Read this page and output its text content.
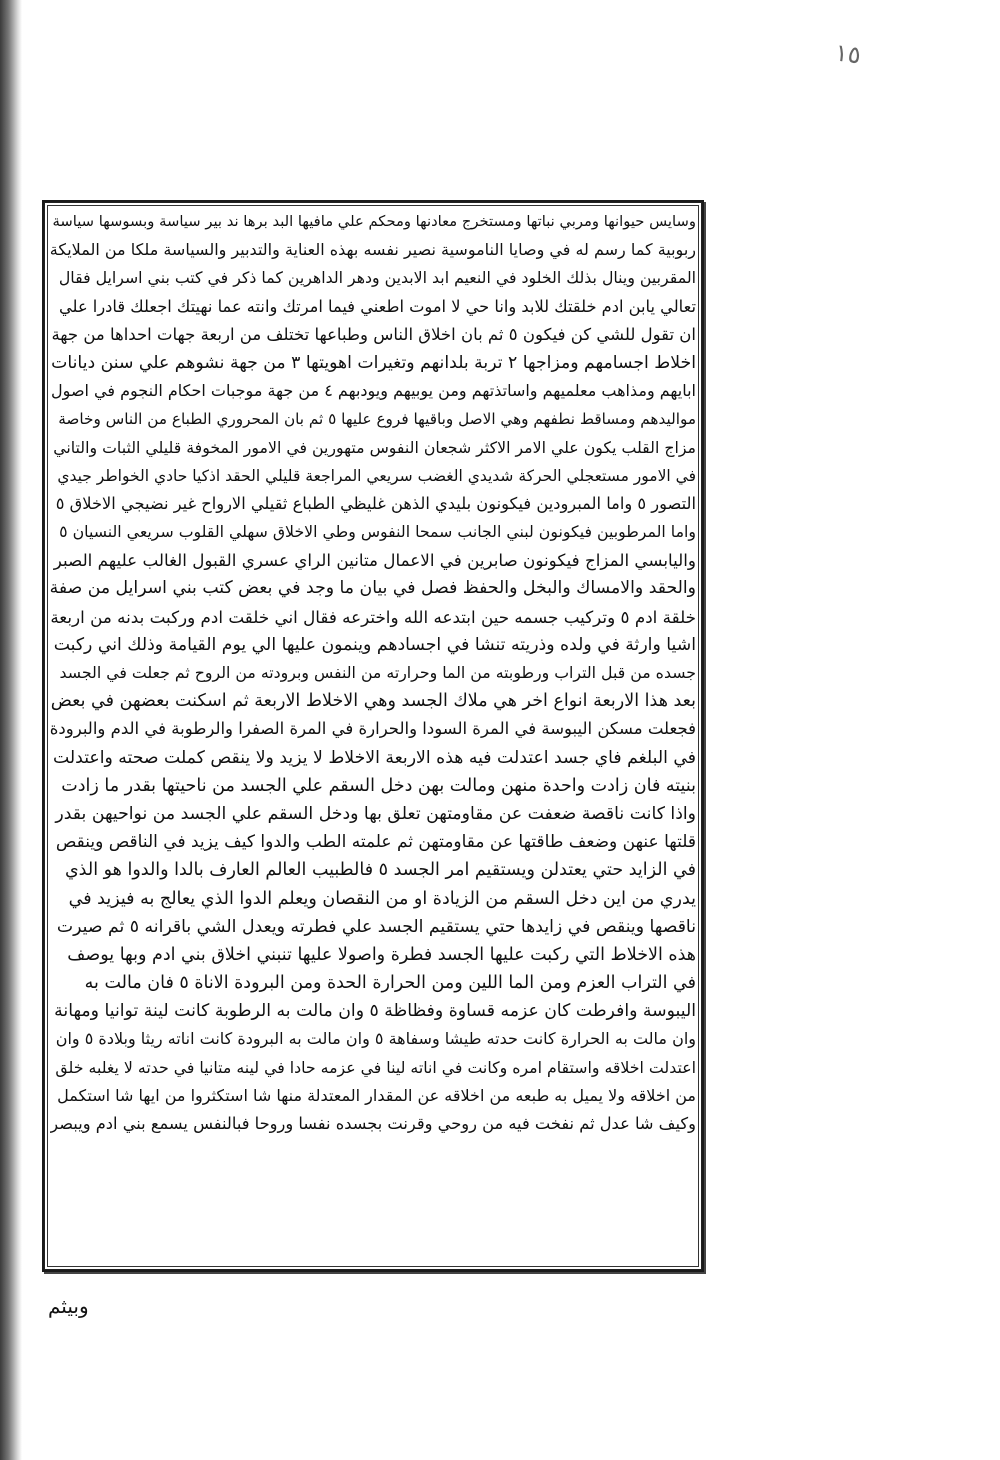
١٥
وسايس حيوانها ومربي نباتها ومستخرج معادنها ومحكم علي مافيها البد برها ند بير سياسة وبسوسها سياسة
ربوبية كما رسم له في وصايا الناموسية نصير نفسه بهذه العناية والتدبير والسياسة ملكا من الملايكة
المقربين وينال بذلك الخلود في النعيم ابد الابدين ودهر الداهرين كما ذكر في كتب بني اسرايل فقال
تعالي يابن ادم خلقتك للابد وانا حي لا اموت اطعني فيما امرتك وانته عما نهيتك اجعلك قادرا علي
ان تقول للشي كن فيكون ٥ ثم بان اخلاق الناس وطباعها تختلف من اربعة جهات احداها من جهة
اخلاط اجسامهم ومزاجها ٢ تربة بلدانهم وتغيرات اهويتها ٣ من جهة نشوهم علي سنن ديانات
ابايهم ومذاهب معلميهم واساتذتهم ومن يوبيهم ويودبهم ٤ من جهة موجبات احكام النجوم في اصول
مواليدهم ومساقط نطفهم وهي الاصل وباقيها فروع عليها ٥ ثم بان المحروري الطباع من الناس وخاصة
مزاج القلب يكون علي الامر الاكثر شجعان النفوس متهورين في الامور المخوفة قليلي الثبات والتاني
في الامور مستعجلي الحركة شديدي الغضب سريعي المراجعة قليلي الحقد اذكيا حادي الخواطر جيدي
التصور ٥ واما المبرودين فيكونون بليدي الذهن غليظي الطباع ثقيلي الارواح غير نضيجي الاخلاق ٥
واما المرطوبين فيكونون لبني الجانب سمحا النفوس وطي الاخلاق سهلي القلوب سريعي النسيان ٥
واليابسي المزاج فيكونون صابرين في الاعمال متانين الراي عسري القبول الغالب عليهم الصبر
والحقد والامساك والبخل والحفظ فصل في بيان ما وجد في بعض كتب بني اسرايل من صفة
خلقة ادم ٥ وتركيب جسمه حين ابتدعه الله واخترعه فقال اني خلقت ادم وركبت بدنه من اربعة
اشيا وارثة في ولده وذريته تنشا في اجسادهم وينمون عليها الي يوم القيامة وذلك اني ركبت
جسده من قبل التراب ورطوبته من الما وحرارته من النفس وبرودته من الروح ثم جعلت في الجسد
بعد هذا الاربعة انواع اخر هي ملاك الجسد وهي الاخلاط الاربعة ثم اسكنت بعضهن في بعض
فجعلت مسكن اليبوسة في المرة السودا والحرارة في المرة الصفرا والرطوبة في الدم والبرودة
في البلغم فاي جسد اعتدلت فيه هذه الاربعة الاخلاط لا يزيد ولا ينقص كملت صحته واعتدلت
بنيته فان زادت واحدة منهن ومالت بهن دخل السقم علي الجسد من ناحيتها بقدر ما زادت
واذا كانت ناقصة ضعفت عن مقاومتهن تعلق بها ودخل السقم علي الجسد من نواحيهن بقدر
قلتها عنهن وضعف طاقتها عن مقاومتهن ثم علمته الطب والدوا كيف يزيد في الناقص وينقص
في الزايد حتي يعتدلن ويستقيم امر الجسد ٥ فالطبيب العالم العارف بالدا والدوا هو الذي
يدري من اين دخل السقم من الزيادة او من النقصان ويعلم الدوا الذي يعالج به فيزيد في
ناقصها وينقص في زايدها حتي يستقيم الجسد علي فطرته ويعدل الشي باقرانه ٥ ثم صيرت
هذه الاخلاط التي ركبت عليها الجسد فطرة واصولا عليها تنبني اخلاق بني ادم وبها يوصف
في التراب العزم ومن الما اللين ومن الحرارة الحدة ومن البرودة الاناة ٥ فان مالت به
اليبوسة وافرطت كان عزمه قساوة وفظاظة ٥ وان مالت به الرطوبة كانت لينة توانيا ومهانة
وان مالت به الحرارة كانت حدته طيشا وسفاهة ٥ وان مالت به البرودة كانت اناته ريثا وبلادة ٥ وان
اعتدلت اخلاقه واستقام امره وكانت في اناته لينا في عزمه حادا في لينه متانيا في حدته لا يغلبه خلق
من اخلاقه ولا يميل به طبعه من اخلاقه عن المقدار المعتدلة منها شا استكثروا من ايها شا استكمل
وكيف شا عدل ثم نفخت فيه من روحي وقرنت بجسده نفسا وروحا فبالنفس يسمع بني ادم ويبصر
وبيثم
